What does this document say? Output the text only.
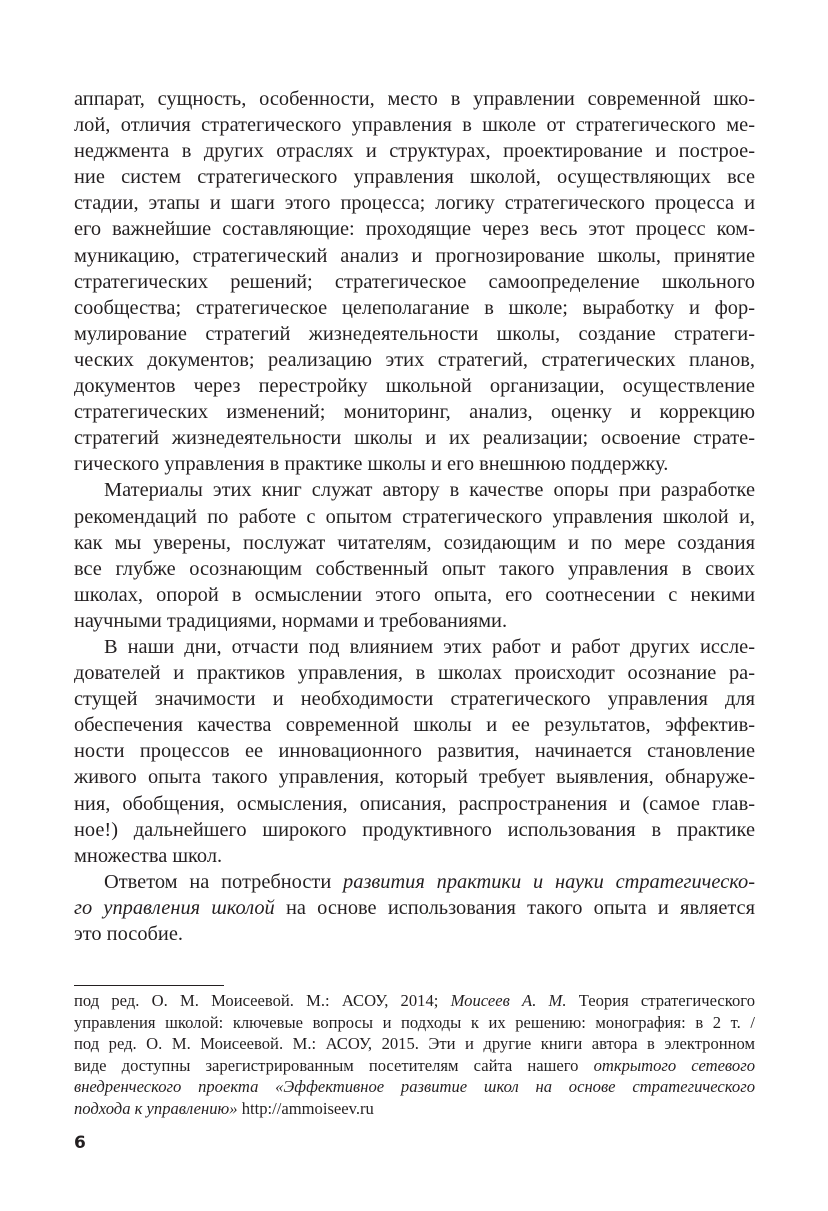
аппарат, сущность, особенности, место в управлении современной шко-
лой, отличия стратегического управления в школе от стратегического ме-
неджмента в других отраслях и структурах, проектирование и построе-
ние систем стратегического управления школой, осуществляющих все
стадии, этапы и шаги этого процесса; логику стратегического процесса и
его важнейшие составляющие: проходящие через весь этот процесс ком-
муникацию, стратегический анализ и прогнозирование школы, принятие
стратегических решений; стратегическое самоопределение школьного
сообщества; стратегическое целеполагание в школе; выработку и фор-
мулирование стратегий жизнедеятельности школы, создание стратеги-
ческих документов; реализацию этих стратегий, стратегических планов,
документов через перестройку школьной организации, осуществление
стратегических изменений; мониторинг, анализ, оценку и коррекцию
стратегий жизнедеятельности школы и их реализации; освоение страте-
гического управления в практике школы и его внешнюю поддержку.
Материалы этих книг служат автору в качестве опоры при разработке
рекомендаций по работе с опытом стратегического управления школой и,
как мы уверены, послужат читателям, созидающим и по мере создания
все глубже осознающим собственный опыт такого управления в своих
школах, опорой в осмыслении этого опыта, его соотнесении с некими
научными традициями, нормами и требованиями.
В наши дни, отчасти под влиянием этих работ и работ других иссле-
дователей и практиков управления, в школах происходит осознание ра-
стущей значимости и необходимости стратегического управления для
обеспечения качества современной школы и ее результатов, эффектив-
ности процессов ее инновационного развития, начинается становление
живого опыта такого управления, который требует выявления, обнаруже-
ния, обобщения, осмысления, описания, распространения и (самое глав-
ное!) дальнейшего широкого продуктивного использования в практике
множества школ.
Ответом на потребности развития практики и науки стратегическо-
го управления школой на основе использования такого опыта и является
это пособие.
под ред. О. М. Моисеевой. М.: АСОУ, 2014; Моисеев А. М. Теория стратегического
управления школой: ключевые вопросы и подходы к их решению: монография: в 2 т. /
под ред. О. М. Моисеевой. М.: АСОУ, 2015. Эти и другие книги автора в электронном
виде доступны зарегистрированным посетителям сайта нашего открытого сетевого
внедренческого проекта «Эффективное развитие школ на основе стратегического
подхода к управлению» http://ammoiseev.ru
6
